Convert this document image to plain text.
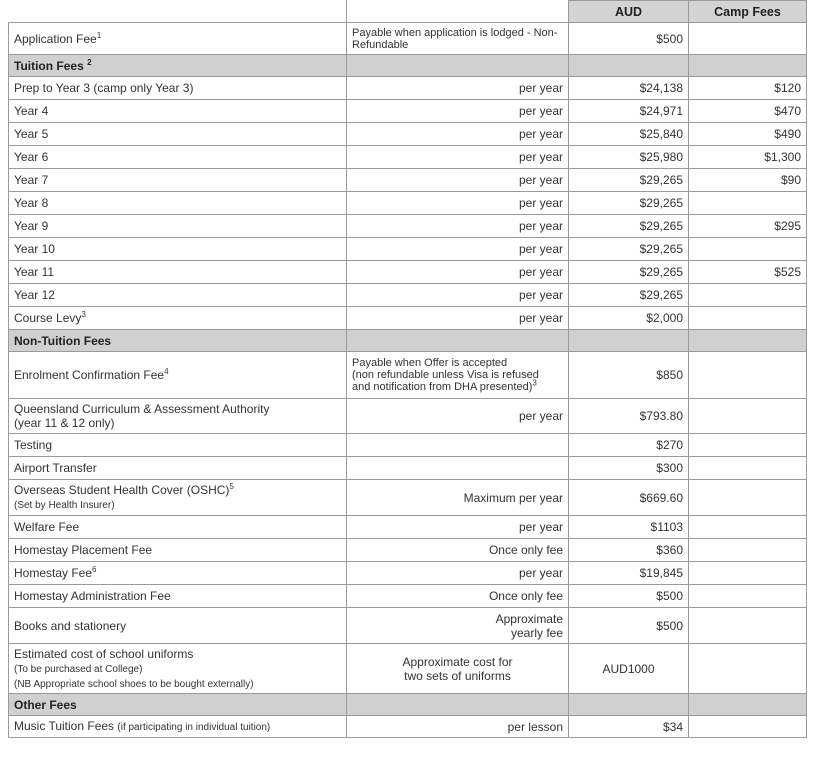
		AUD	Camp Fees
Application Fee$^1$	Payable when application is lodged - Non- Refundable	$500	
Tuition Fees $^2$			
Prep to Year 3 (camp only Year 3)	per year	$24,138	$120
Year 4	per year	$24,971	$470
Year 5	per year	$25,840	$490
Year 6	per year	$25,980	$1,300
Year 7	per year	$29,265	$90
Year 8	per year	$29,265	
Year 9	per year	$29,265	$295
Year 10	per year	$29,265	
Year 11	per year	$29,265	$525
Year 12	per year	$29,265	
Course Levy$^3$	per year	$2,000	
Non-Tuition Fees			
Enrolment Confirmation Fee$^4$	Payable when Offer is accepted
(non refundable unless Visa is refused
and notification from DHA presented)$^3$	$850	
Queensland Curriculum & Assessment Authority
(year 11 & 12 only)	per year	$793.80	
Testing		$270	
Airport Transfer		$300	
Overseas Student Health Cover (OSHC)$^5$
(Set by Health Insurer)	Maximum per year	$669.60	
Welfare Fee	per year	$1103	
Homestay Placement Fee	Once only fee	$360	
Homestay Fee$^6$	per year	$19,845	
Homestay Administration Fee	Once only fee	$500	
Books and stationery	Approximate
yearly fee	$500	
Estimated cost of school uniforms
(To be purchased at College)
(NB Appropriate school shoes to be bought externally)	Approximate cost for
two sets of uniforms	AUD1000	
Other Fees			
Music Tuition Fees (if participating in individual tuition)	per lesson	$34	
